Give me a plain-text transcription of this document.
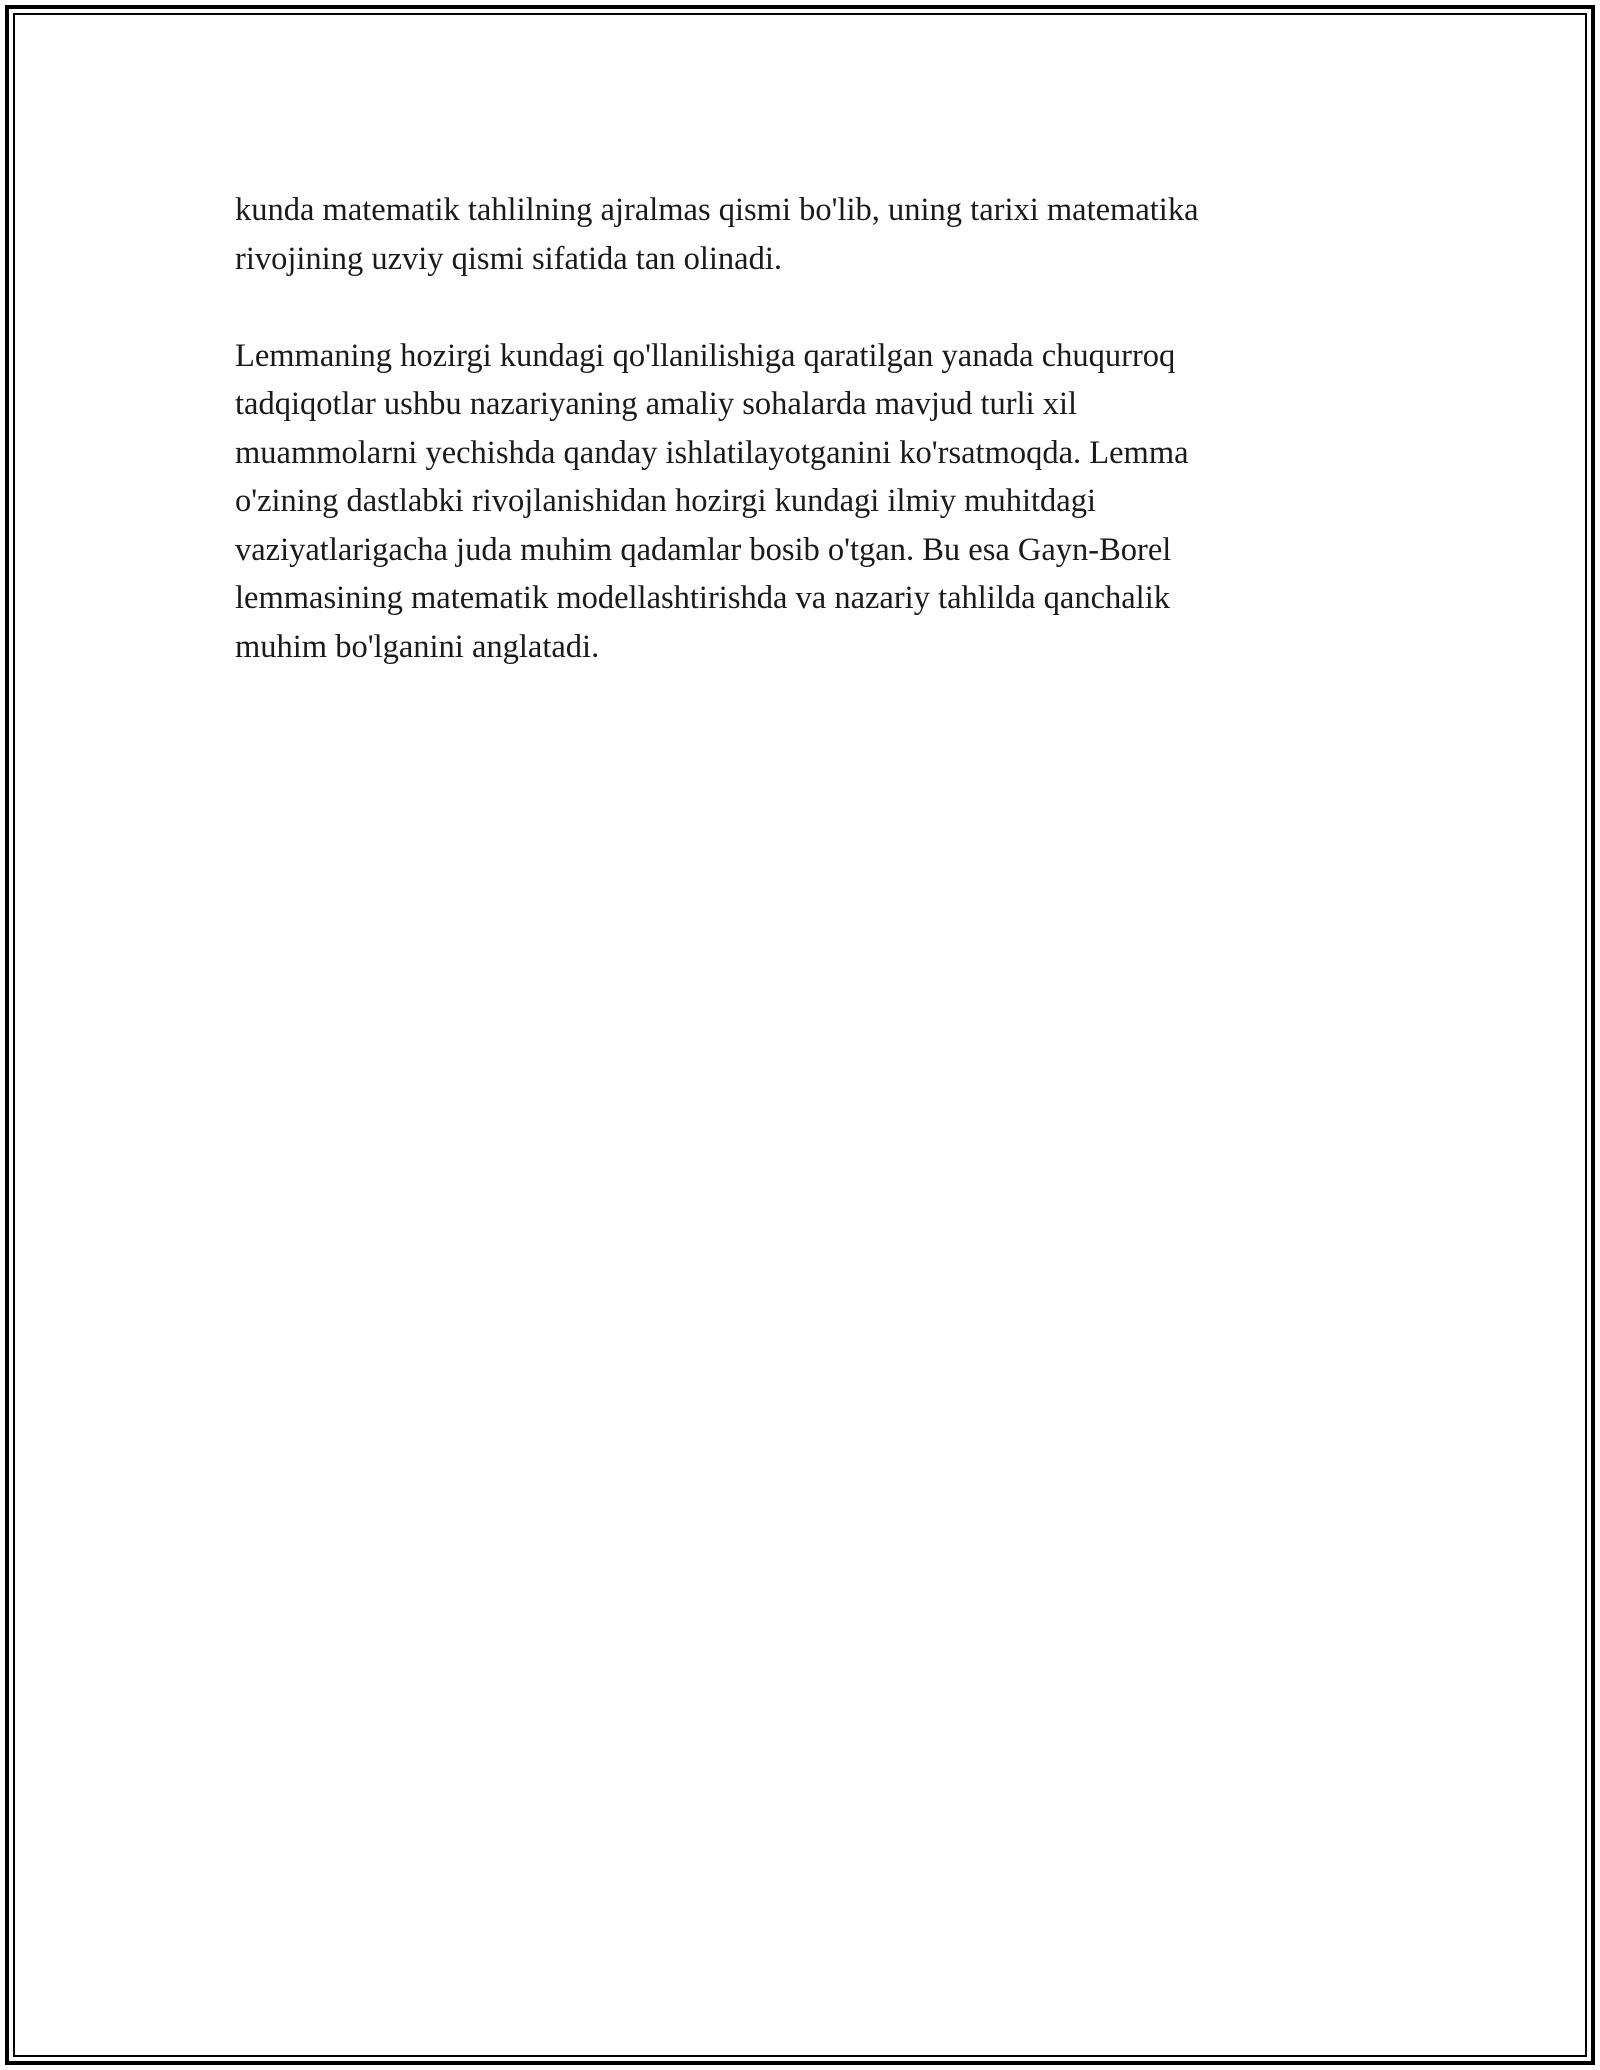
kunda matematik tahlilning ajralmas qismi bo'lib, uning tarixi matematika
rivojining uzviy qismi sifatida tan olinadi.

Lemmaning hozirgi kundagi qo'llanilishiga qaratilgan yanada chuqurroq
tadqiqotlar ushbu nazariyaning amaliy sohalarda mavjud turli xil
muammolarni yechishda qanday ishlatilayotganini ko'rsatmoqda. Lemma
o'zining dastlabki rivojlanishidan hozirgi kundagi ilmiy muhitdagi
vaziyatlarigacha juda muhim qadamlar bosib o'tgan. Bu esa Gayn-Borel
lemmasining matematik modellashtirishda va nazariy tahlilda qanchalik
muhim bo'lganini anglatadi.
